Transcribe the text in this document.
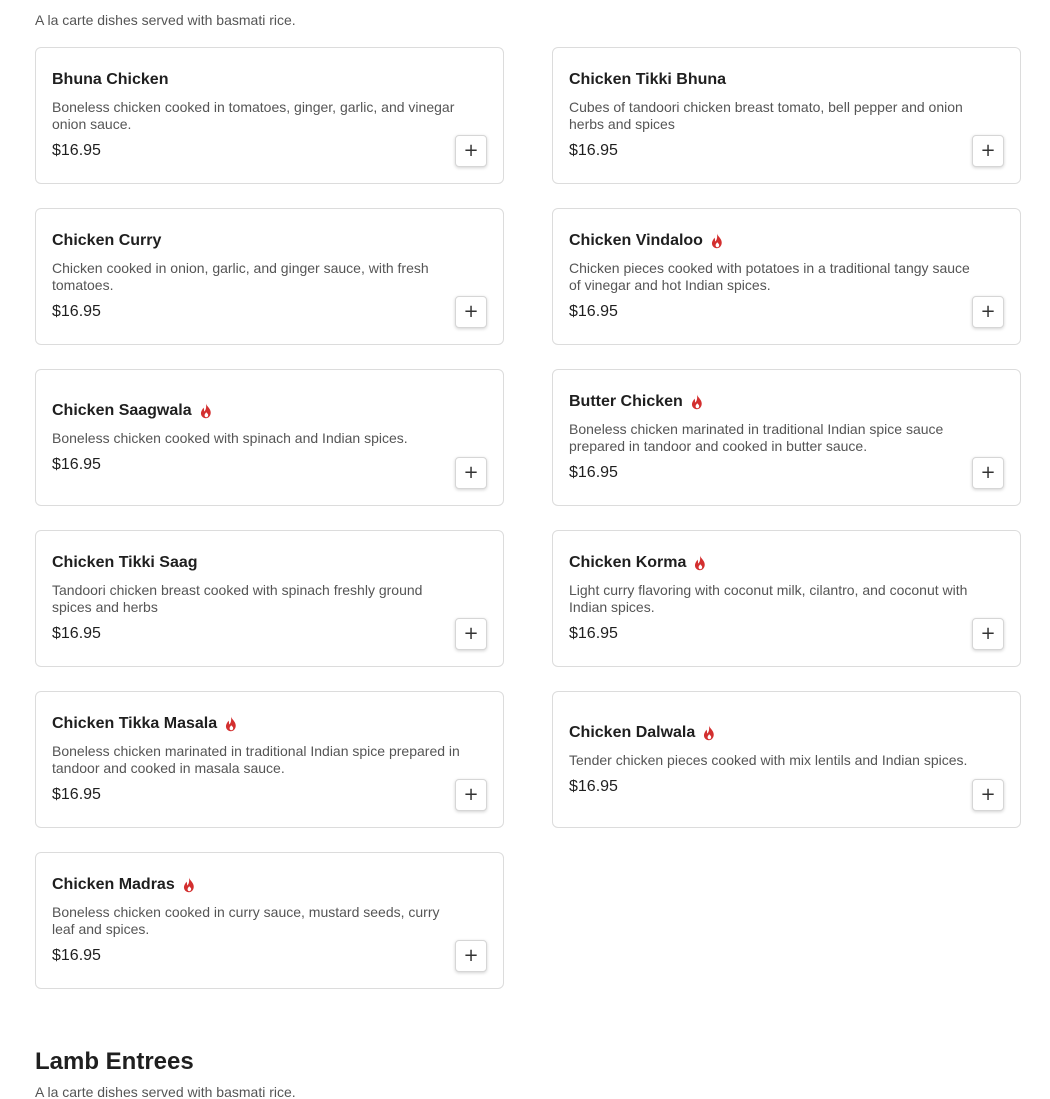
A la carte dishes served with basmati rice.

Bhuna Chicken

Boneless chicken cooked in tomatoes, ginger, garlic, and vinegar onion sauce.

$16.95	+
Chicken Tikki Bhuna

Cubes of tandoori chicken breast tomato, bell pepper and onion herbs and spices

$16.95	+
Chicken Curry

Chicken cooked in onion, garlic, and ginger sauce, with fresh tomatoes.

$16.95	+
Chicken Vindaloo

Chicken pieces cooked with potatoes in a traditional tangy sauce of vinegar and hot Indian spices.

$16.95	+
Chicken Saagwala

Boneless chicken cooked with spinach and Indian spices.

$16.95	+
Butter Chicken

Boneless chicken marinated in traditional Indian spice sauce prepared in tandoor and cooked in butter sauce.

$16.95	+
Chicken Tikki Saag

Tandoori chicken breast cooked with spinach freshly ground spices and herbs

$16.95	+
Chicken Korma

Light curry flavoring with coconut milk, cilantro, and coconut with Indian spices.

$16.95	+
Chicken Tikka Masala

Boneless chicken marinated in traditional Indian spice prepared in tandoor and cooked in masala sauce.

$16.95	+
Chicken Dalwala

Tender chicken pieces cooked with mix lentils and Indian spices.

$16.95	+
Chicken Madras

Boneless chicken cooked in curry sauce, mustard seeds, curry leaf and spices.

$16.95	+
Lamb Entrees

A la carte dishes served with basmati rice.
